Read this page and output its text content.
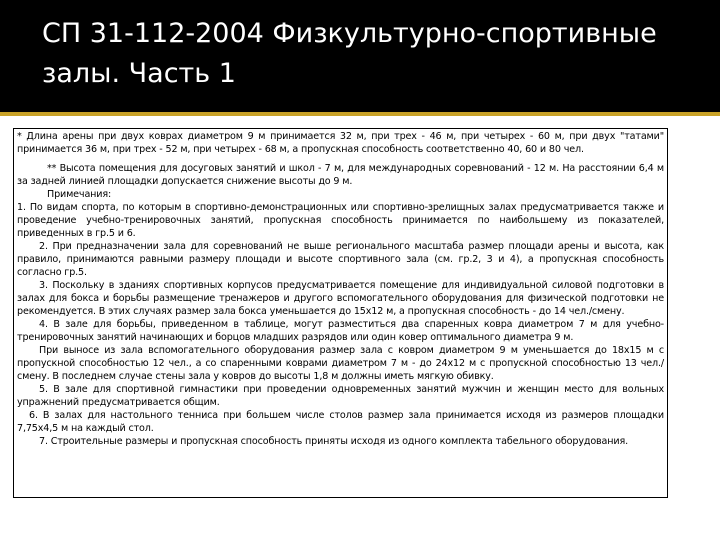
СП 31-112-2004 Физкультурно-спортивные залы. Часть 1

* Длина арены при двух коврах диаметром 9 м принимается 32 м, при трех - 46 м, при четырех - 60 м, при двух "татами" принимается 36 м, при трех - 52 м, при четырех - 68 м, а пропускная способность соответственно 40, 60 и 80 чел.

** Высота помещения для досуговых занятий и школ - 7 м, для международных соревнований - 12 м. На расстоянии 6,4 м за задней линией площадки допускается снижение высоты до 9 м.

Примечания:

1. По видам спорта, по которым в спортивно-демонстрационных или спортивно-зрелищных залах предусматривается также и проведение учебно-тренировочных занятий, пропускная способность принимается по наибольшему из показателей, приведенных в гр.5 и 6.

2. При предназначении зала для соревнований не выше регионального масштаба размер площади арены и высота, как правило, принимаются равными размеру площади и высоте спортивного зала (см. гр.2, 3 и 4), а пропускная способность согласно гр.5.

3. Поскольку в зданиях спортивных корпусов предусматривается помещение для индивидуальной силовой подготовки в залах для бокса и борьбы размещение тренажеров и другого вспомогательного оборудования для физической подготовки не рекомендуется. В этих случаях размер зала бокса уменьшается до 15х12 м, а пропускная способность - до 14 чел./смену.

4. В зале для борьбы, приведенном в таблице, могут разместиться два спаренных ковра диаметром 7 м для учебно-тренировочных занятий начинающих и борцов младших разрядов или один ковер оптимального диаметра 9 м.

При выносе из зала вспомогательного оборудования размер зала с ковром диаметром 9 м уменьшается до 18х15 м с пропускной способностью 12 чел., а со спаренными коврами диаметром 7 м - до 24х12 м с пропускной способностью 13 чел./смену. В последнем случае стены зала у ковров до высоты 1,8 м должны иметь мягкую обивку.

5. В зале для спортивной гимнастики при проведении одновременных занятий мужчин и женщин место для вольных упражнений предусматривается общим.

6. В залах для настольного тенниса при большем числе столов размер зала принимается исходя из размеров площадки 7,75х4,5 м на каждый стол.

7. Строительные размеры и пропускная способность приняты исходя из одного комплекта табельного оборудования.
